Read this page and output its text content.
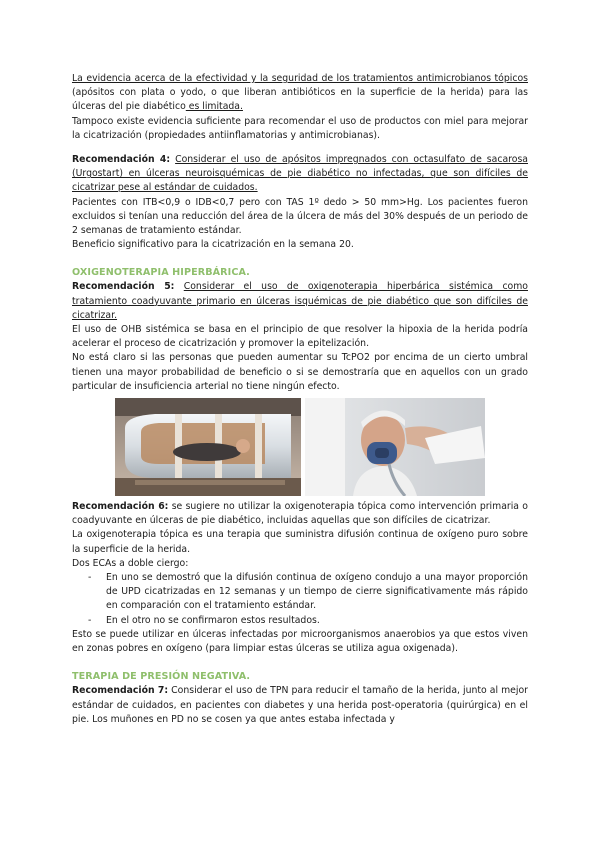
La evidencia acerca de la efectividad y la seguridad de los tratamientos antimicrobianos tópicos (apósitos con plata o yodo, o que liberan antibióticos en la superficie de la herida) para las úlceras del pie diabético es limitada.

Tampoco existe evidencia suficiente para recomendar el uso de productos con miel para mejorar la cicatrización (propiedades antiinflamatorias y antimicrobianas).

Recomendación 4: Considerar el uso de apósitos impregnados con octasulfato de sacarosa (Urgostart) en úlceras neuroisquémicas de pie diabético no infectadas, que son difíciles de cicatrizar pese al estándar de cuidados.

Pacientes con ITB<0,9 o IDB<0,7 pero con TAS 1º dedo > 50 mm>Hg. Los pacientes fueron excluidos si tenían una reducción del área de la úlcera de más del 30% después de un periodo de 2 semanas de tratamiento estándar.

Beneficio significativo para la cicatrización en la semana 20.

OXIGENOTERAPIA HIPERBÁRICA.

Recomendación 5: Considerar el uso de oxigenoterapia hiperbárica sistémica como tratamiento coadyuvante primario en úlceras isquémicas de pie diabético que son difíciles de cicatrizar.

El uso de OHB sistémica se basa en el principio de que resolver la hipoxia de la herida podría acelerar el proceso de cicatrización y promover la epitelización.

No está claro si las personas que pueden aumentar su TcPO2 por encima de un cierto umbral tienen una mayor probabilidad de beneficio o si se demostraría que en aquellos con un grado particular de insuficiencia arterial no tiene ningún efecto.

Recomendación 6: se sugiere no utilizar la oxigenoterapia tópica como intervención primaria o coadyuvante en úlceras de pie diabético, incluidas aquellas que son difíciles de cicatrizar.

La oxigenoterapia tópica es una terapia que suministra difusión continua de oxígeno puro sobre la superficie de la herida.

Dos ECAs a doble ciergo:

- En uno se demostró que la difusión continua de oxígeno condujo a una mayor proporción de UPD cicatrizadas en 12 semanas y un tiempo de cierre significativamente más rápido en comparación con el tratamiento estándar.
- En el otro no se confirmaron estos resultados.

Esto se puede utilizar en úlceras infectadas por microorganismos anaerobios ya que estos viven en zonas pobres en oxígeno (para limpiar estas úlceras se utiliza agua oxigenada).

TERAPIA DE PRESIÓN NEGATIVA.

Recomendación 7: Considerar el uso de TPN para reducir el tamaño de la herida, junto al mejor estándar de cuidados, en pacientes con diabetes y una herida post-operatoria (quirúrgica) en el pie. Los muñones en PD no se cosen ya que antes estaba infectada y
